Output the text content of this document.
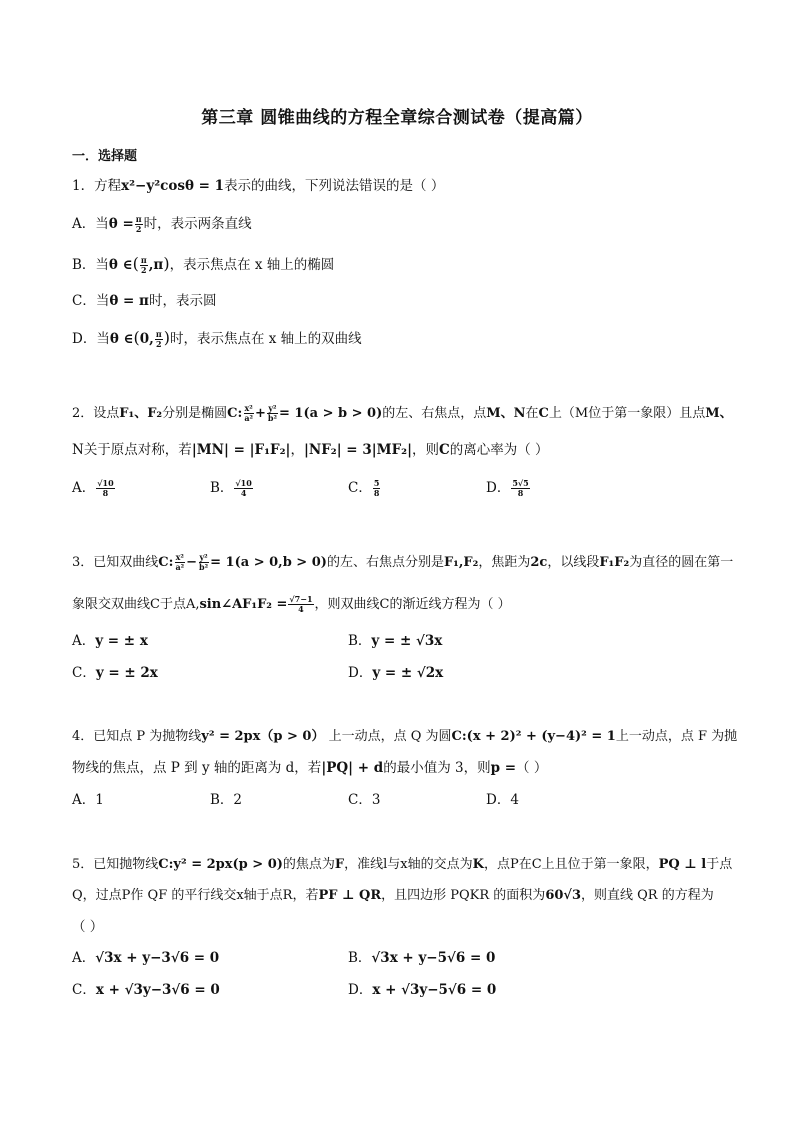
第三章 圆锥曲线的方程全章综合测试卷（提高篇）
一．选择题
1．方程x²−y²cosθ = 1表示的曲线，下列说法错误的是（ ）
A．当$\theta = \frac{\pi}{2}$ 时，表示两条直线
B．当θ ∈( $\frac{\pi}{2} ,\pi$)，表示焦点在 x 轴上的椭圆
C．当θ = π时，表示圆
D．当θ ∈(0, $\frac{\pi}{2}$ )时，表示焦点在 x 轴上的双曲线
2．设点F₁、F₂分别是椭圆C: $\frac{\text{x²}}{\text{a²}} + \frac{\text{y²}}{\text{b²}} = 1(a > b > 0)$的左、右焦点，点M、N在C上（M位于第一象限）且点M、
N关于原点对称，若|MN| = |F₁F₂|，|NF₂| = 3|MF₂|，则C的离心率为（ ）
A． $\frac{√10}{8}$	B． $\frac{√10}{4}$	C． $\frac{5}{8}$	D． $\frac{5√5}{8}$
3．已知双曲线C: $\frac{\text{x²}}{\text{a²}} - \frac{\text{y²}}{\text{b²}} = 1(a > 0,b > 0)$的左、右焦点分别是F₁,F₂，焦距为2c，以线段F₁F₂为直径的圆在第一
象限交双曲线C于点A,sin∠AF₁F₂ = $\frac{√7-1}{4}$ ，则双曲线C的渐近线方程为（ ）
A．y = ± x	B．y = ± √3x
C．y = ± 2x	D．y = ± √2x
4．已知点 P 为抛物线y² = 2px（p > 0） 上一动点，点 Q 为圆C:(x + 2)² + (y−4)² = 1上一动点，点 F 为抛
物线的焦点，点 P 到 y 轴的距离为 d，若|PQ| + d的最小值为 3，则p =（ ）
A．1	B．2	C．3	D．4
5．已知抛物线C:y² = 2px(p > 0)的焦点为F，准线l与x轴的交点为K，点P在C上且位于第一象限，PQ ⊥ l于点
Q，过点P作 QF 的平行线交x轴于点R，若PF ⊥ QR，且四边形 PQKR 的面积为60√3，则直线 QR 的方程为
（ ）
A．√3x + y−3√6 = 0	B．√3x + y−5√6 = 0
C．x + √3y−3√6 = 0	D．x + √3y−5√6 = 0
